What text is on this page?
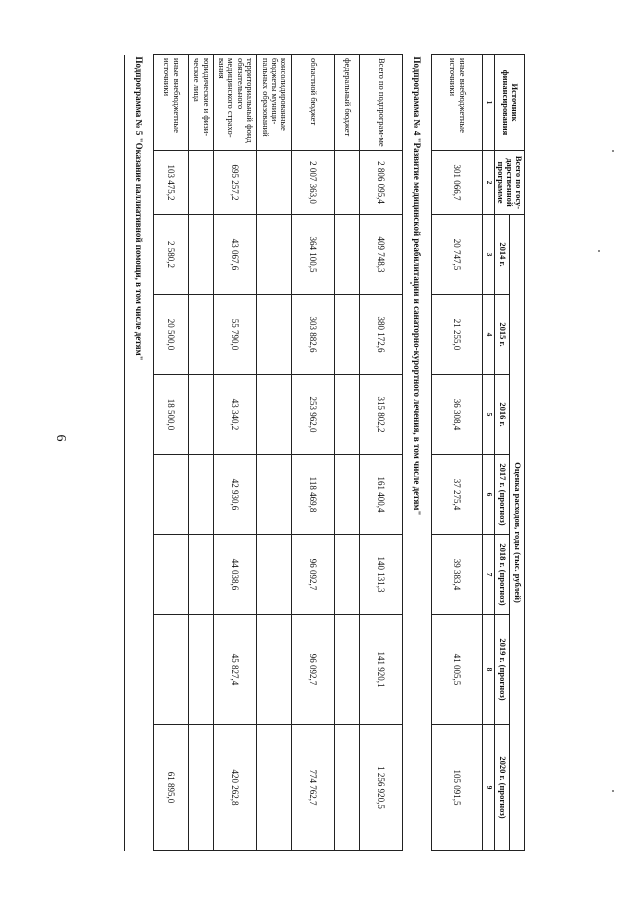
6
Источник финансирования	Всего по госу-дарственной программе	Оценка расходов, годы (тыс. рублей)						
		2014 г.	2015 г.	2016 г.	2017 г. (прогноз)	2018 г. (прогноз)	2019 г. (прогноз)	2020 г. (прогноз)
1	2	3	4	5	6	7	8	9
иные внебюджетные источники	301 066,7	20 747,5	21 255,0	36 308,4	37 275,4	39 383,4	41 005,5	105 091,5
Подпрограмма № 4 "Развитие медицинской реабилитации и санаторно-курортного лечения, в том числе детям"								
Всего по подпрограм-ме	2 806 095,4	409 748,3	380 172,6	315 802,2	161 400,4	140 131,3	141 920,1	1 256 920,5
федеральный бюджет								
областной бюджет	2 007 363,0	364 100,5	303 882,6	253 962,0	118 469,8	96 092,7	96 092,7	774 762,7
консолидированные бюджеты муници-пальных образований								
территориальный фонд обязательного медицинского страхо-вания	695 257,2	43 067,6	55 790,0	43 340,2	42 930,6	44 038,6	45 827,4	420 262,8
юридические и физи-ческие лица								
иные внебюджетные источники	103 475,2	2 580,2	20 500,0	18 500,0				61 895,0
Подпрограмма № 5 "Оказание паллиативной помощи, в том числе детям"								
